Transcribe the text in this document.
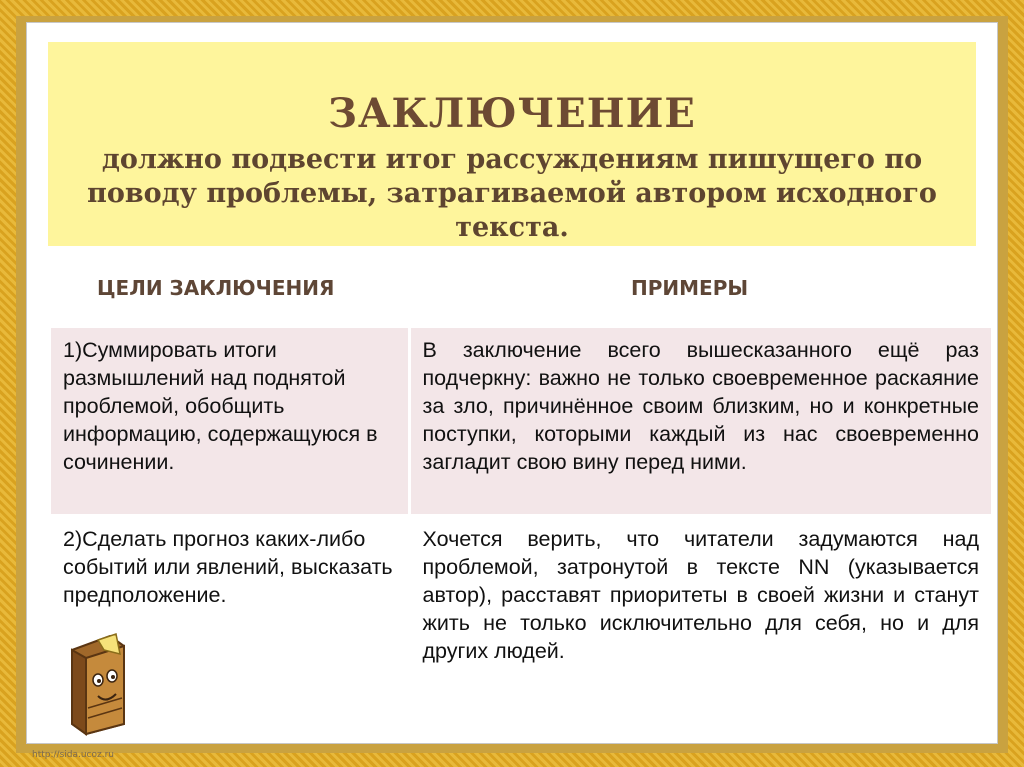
ЗАКЛЮЧЕНИЕ

должно подвести итог рассуждениям пишущего по поводу проблемы, затрагиваемой автором исходного текста.

ЦЕЛИ ЗАКЛЮЧЕНИЯ	ПРИМЕРЫ
1)Суммировать итоги размышлений над поднятой проблемой, обобщить информацию, содержащуюся в сочинении.	В заключение всего вышесказанного ещё раз подчеркну: важно не только своевременное раскаяние за зло, причинённое своим близким, но и конкретные поступки, которыми каждый из нас своевременно загладит свою вину перед ними.
2)Сделать прогноз каких-либо событий или явлений, высказать предположение.	Хочется верить, что читатели задумаются над проблемой, затронутой в тексте NN (указывается автор), расставят приоритеты в своей жизни и станут жить не только исключительно для себя, но и для других людей.
http://sida.ucoz.ru
